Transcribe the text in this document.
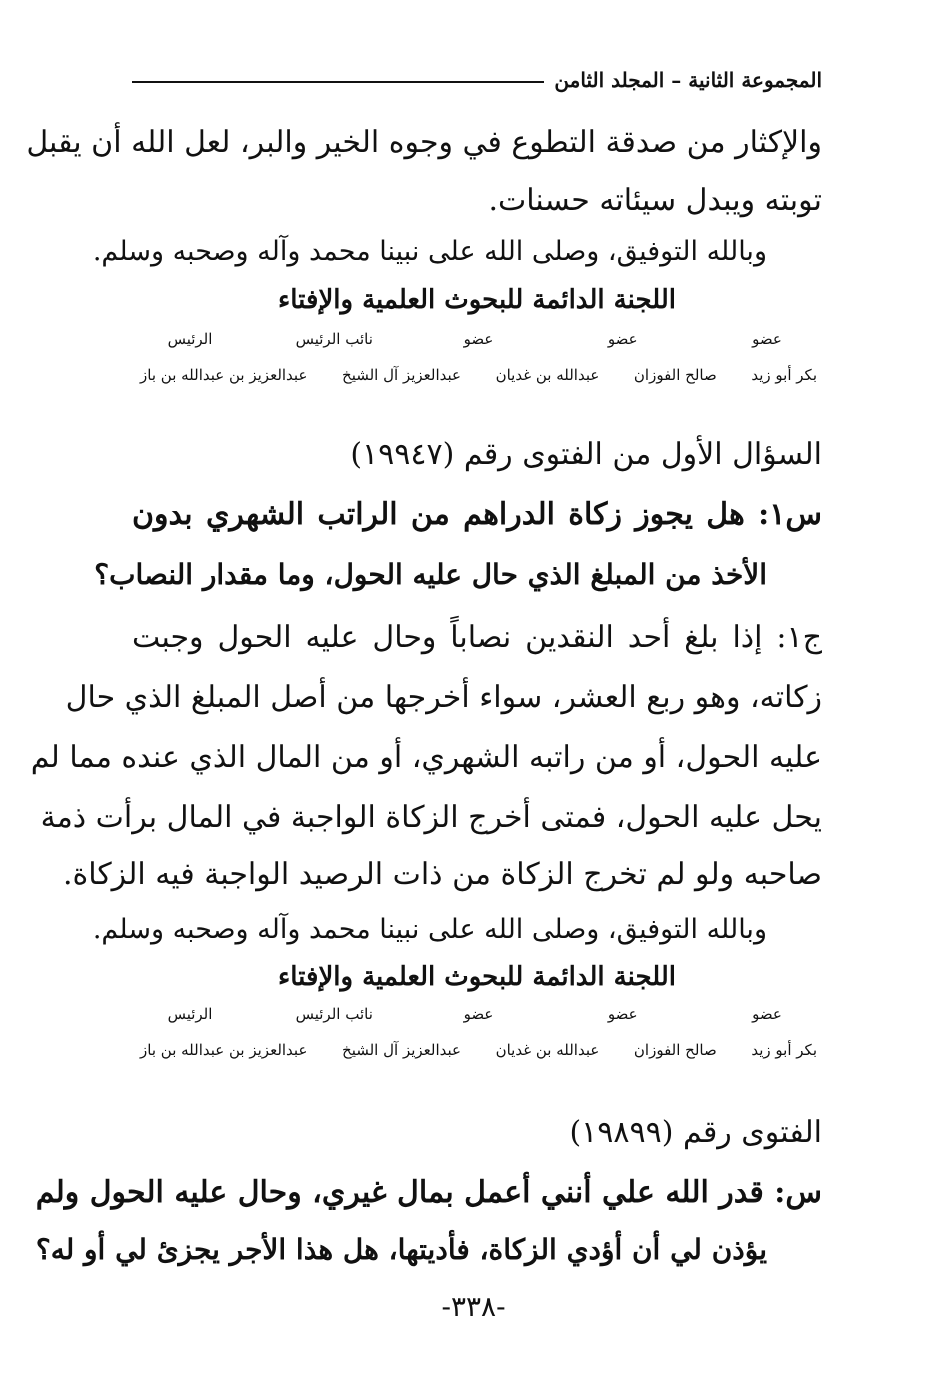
المجموعة الثانية – المجلد الثامن
والإكثار من صدقة التطوع في وجوه الخير والبر، لعل الله أن يقبل
توبته ويبدل سيئاته حسنات.
وبالله التوفيق، وصلى الله على نبينا محمد وآله وصحبه وسلم.
اللجنة الدائمة للبحوث العلمية والإفتاء
عضو
عضو
عضو
نائب الرئيس
الرئيس
بكر أبو زيد
صالح الفوزان
عبدالله بن غديان
عبدالعزيز آل الشيخ
عبدالعزيز بن عبدالله بن باز
السؤال الأول من الفتوى رقم (١٩٩٤٧)
س١: هل يجوز زكاة الدراهم من الراتب الشهري بدون
الأخذ من المبلغ الذي حال عليه الحول، وما مقدار النصاب؟
ج١: إذا بلغ أحد النقدين نصاباً وحال عليه الحول وجبت
زكاته، وهو ربع العشر، سواء أخرجها من أصل المبلغ الذي حال
عليه الحول، أو من راتبه الشهري، أو من المال الذي عنده مما لم
يحل عليه الحول، فمتى أخرج الزكاة الواجبة في المال برأت ذمة
صاحبه ولو لم تخرج الزكاة من ذات الرصيد الواجبة فيه الزكاة.
وبالله التوفيق، وصلى الله على نبينا محمد وآله وصحبه وسلم.
اللجنة الدائمة للبحوث العلمية والإفتاء
عضو
عضو
عضو
نائب الرئيس
الرئيس
بكر أبو زيد
صالح الفوزان
عبدالله بن غديان
عبدالعزيز آل الشيخ
عبدالعزيز بن عبدالله بن باز
الفتوى رقم (١٩٨٩٩)
س: قدر الله علي أنني أعمل بمال غيري، وحال عليه الحول ولم
يؤذن لي أن أؤدي الزكاة، فأديتها، هل هذا الأجر يجزئ لي أو له؟
-٣٣٨-
